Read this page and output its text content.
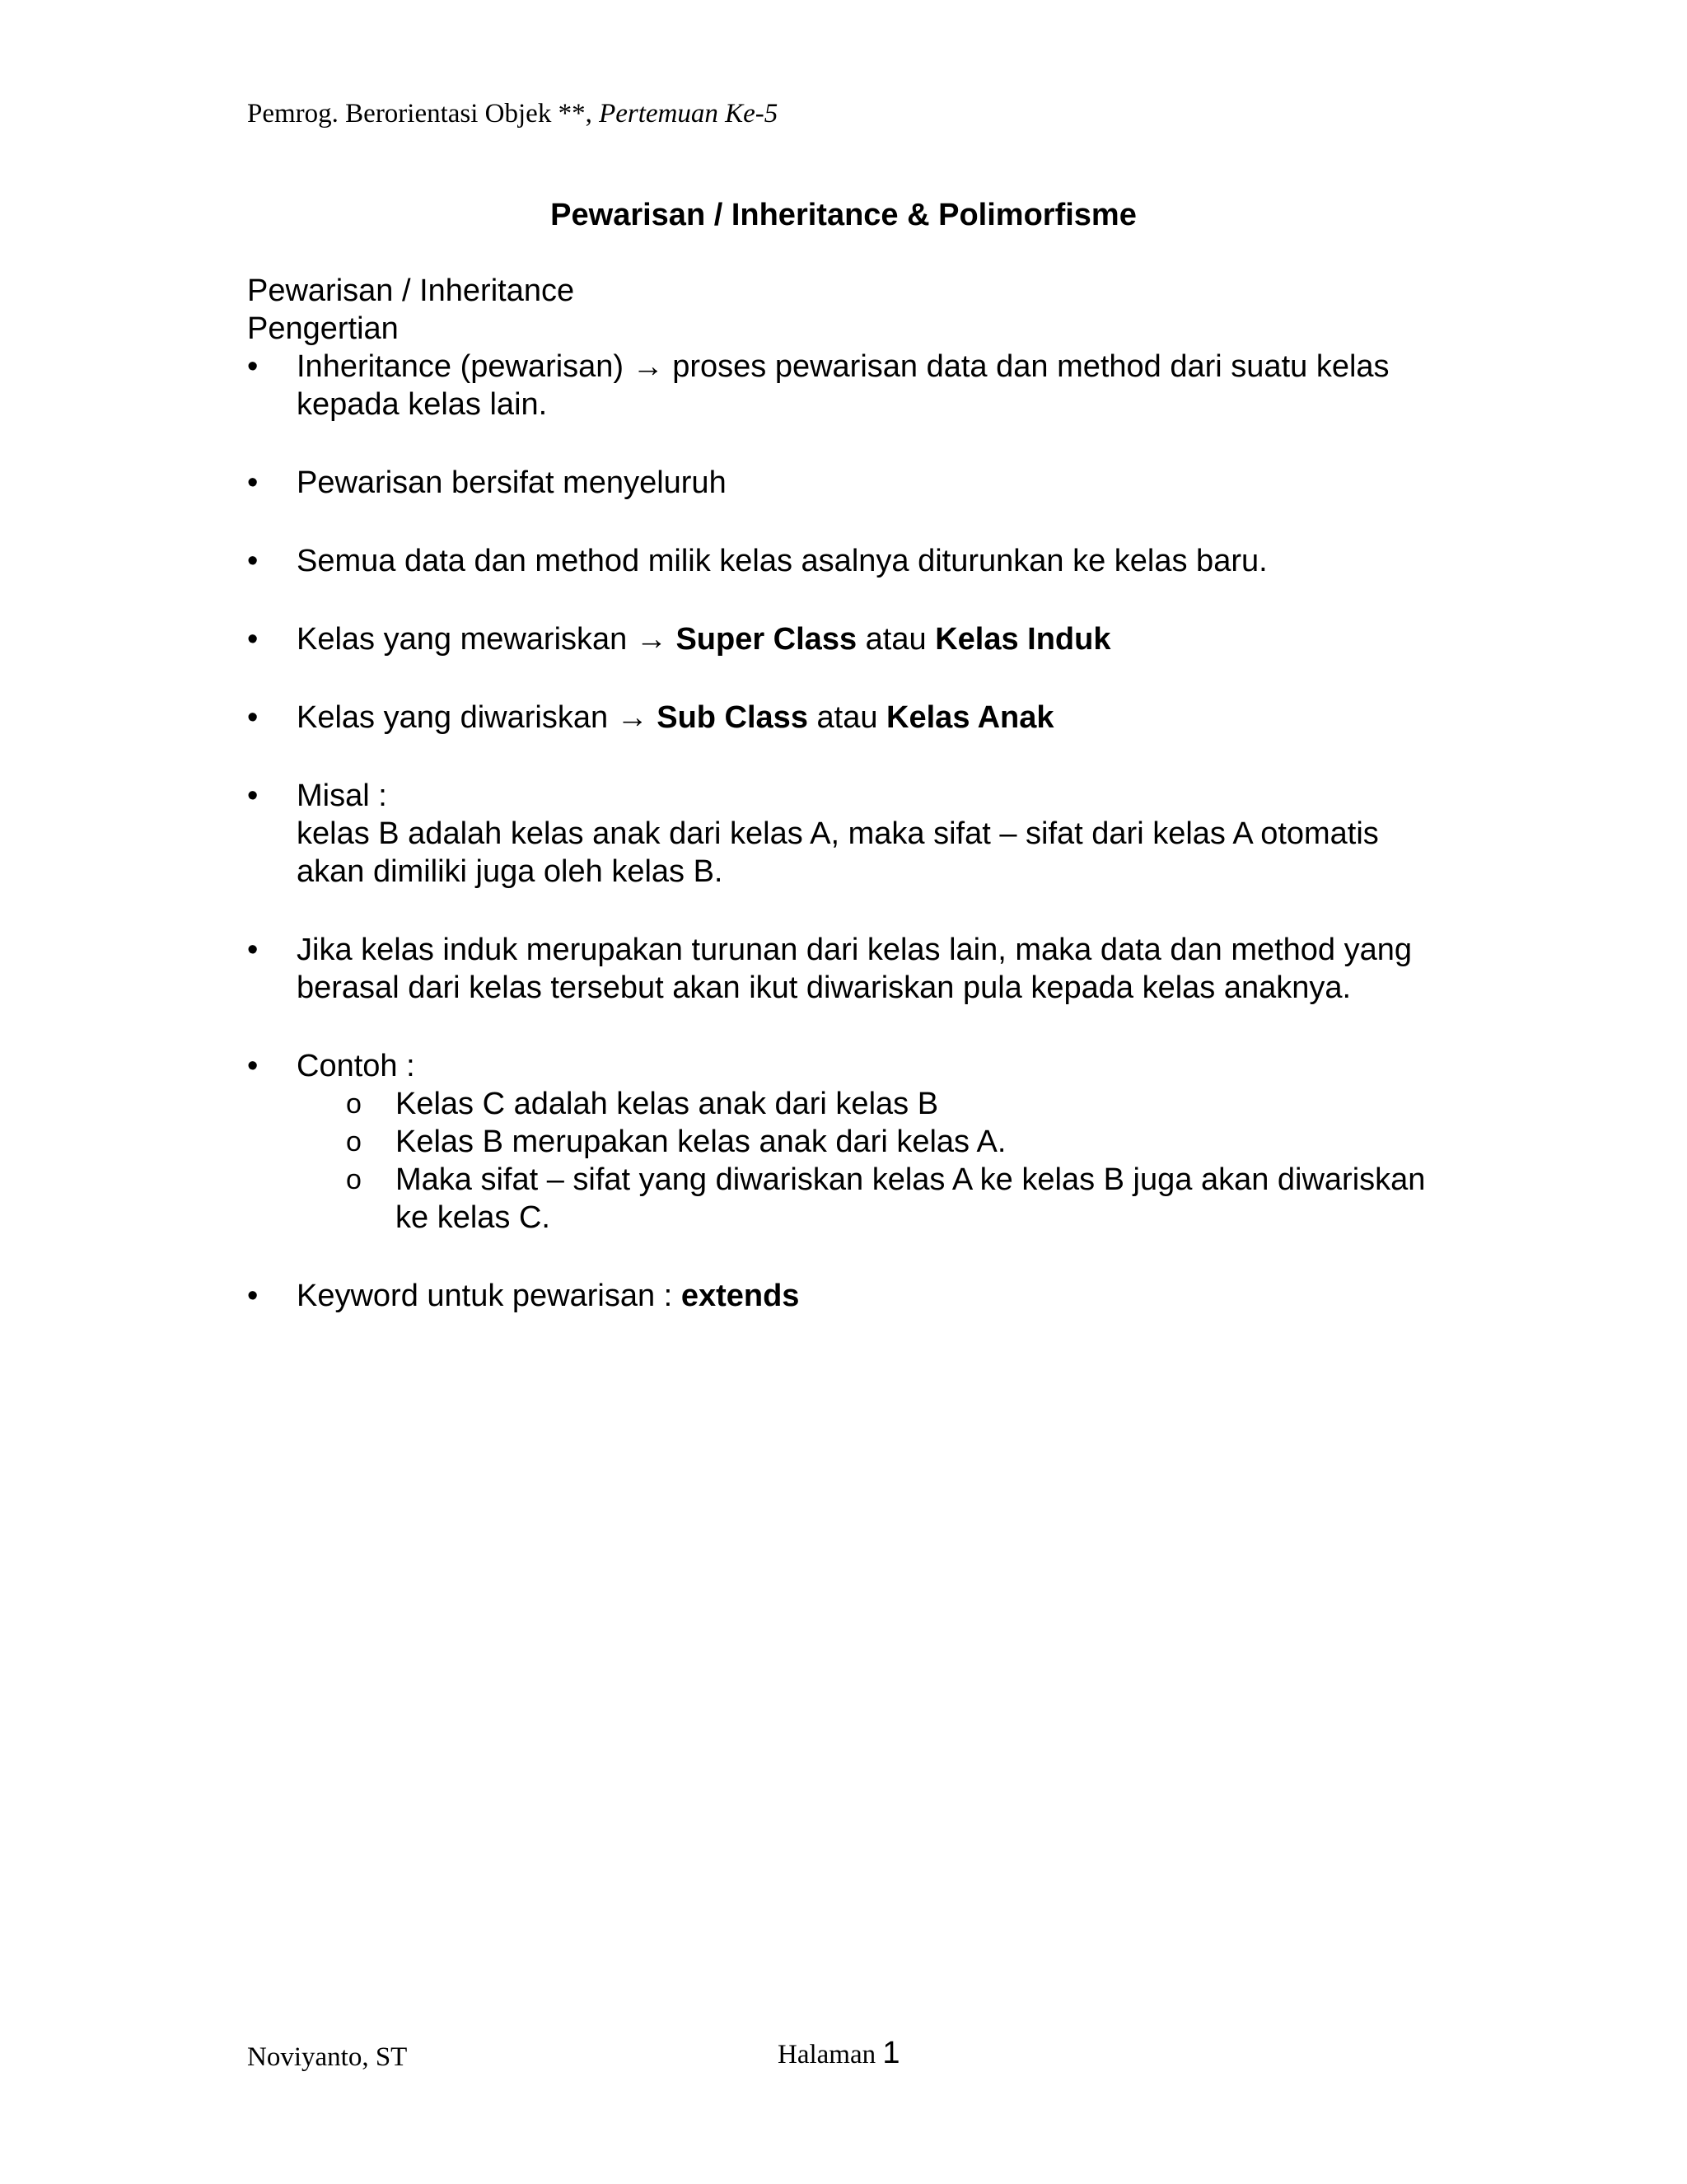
Pemrog. Berorientasi Objek **, Pertemuan Ke-5
Pewarisan / Inheritance & Polimorfisme

Pewarisan / Inheritance

Pengertian

•	Inheritance (pewarisan) → proses pewarisan data dan method dari suatu kelas kepada kelas lain.
•	Pewarisan bersifat menyeluruh
•	Semua data dan method milik kelas asalnya diturunkan ke kelas baru.
•	Kelas yang mewariskan → Super Class atau Kelas Induk
•	Kelas yang diwariskan → Sub Class atau Kelas Anak
•	Misal :
kelas B adalah kelas anak dari kelas A, maka sifat – sifat dari kelas A otomatis akan dimiliki juga oleh kelas B.
•	Jika kelas induk merupakan turunan dari kelas lain, maka data dan method yang berasal dari kelas tersebut akan ikut diwariskan pula kepada kelas anaknya.
•	Contoh :
o Kelas C adalah kelas anak dari kelas B
o Kelas B merupakan kelas anak dari kelas A.
o Maka sifat – sifat yang diwariskan kelas A ke kelas B juga akan diwariskan ke kelas C.
•	Keyword untuk pewarisan : extends
Noviyanto, ST	Halaman 1
